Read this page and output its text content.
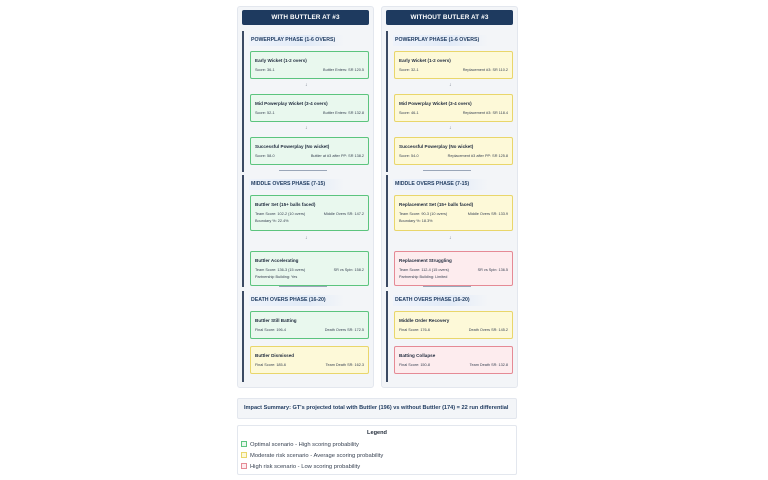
WITH BUTTLER AT #3
POWERPLAY PHASE (1-6 OVERS)
Early Wicket (1-2 overs)
Score: 36-1	Buttler Enters: SR 120.5
↓
Mid Powerplay Wicket (3-4 overs)
Score: 52-1	Buttler Enters: SR 132.8
↓
Successful Powerplay (No wicket)
Score: 58-0	Buttler at #3 after PP: SR 138.2
MIDDLE OVERS PHASE (7-15)
Buttler Set (15+ balls faced)
Team Score: 102-2 (10 overs)	Middle Overs SR: 147.2
Boundary %: 22.4%
↓
Buttler Accelerating
Team Score: 136-3 (15 overs)	SR vs Spin: 158.2
Partnership Building: Yes
DEATH OVERS PHASE (16-20)
Buttler Still Batting
Final Score: 196-4	Death Overs SR: 172.5
Buttler Dismissed
Final Score: 185-6	Team Death SR: 162.3
WITHOUT BUTLER AT #3
POWERPLAY PHASE (1-6 OVERS)
Early Wicket (1-2 overs)
Score: 32-1	Replacement #3: SR 110.2
↓
Mid Powerplay Wicket (3-4 overs)
Score: 46-1	Replacement #3: SR 118.4
↓
Successful Powerplay (No wicket)
Score: 54-0	Replacement #3 after PP: SR 125.8
MIDDLE OVERS PHASE (7-15)
Replacement Set (15+ balls faced)
Team Score: 90-3 (10 overs)	Middle Overs SR: 133.9
Boundary %: 18.3%
↓
Replacement Struggling
Team Score: 112-4 (15 overs)	SR vs Spin: 136.5
Partnership Building: Limited
DEATH OVERS PHASE (16-20)
Middle Order Recovery
Final Score: 176-6	Death Overs SR: 145.2
Batting Collapse
Final Score: 150-8	Team Death SR: 132.8
Impact Summary: GT's projected total with Buttler (196) vs without Buttler (174) = 22 run differential
Legend
Optimal scenario - High scoring probability
Moderate risk scenario - Average scoring probability
High risk scenario - Low scoring probability
